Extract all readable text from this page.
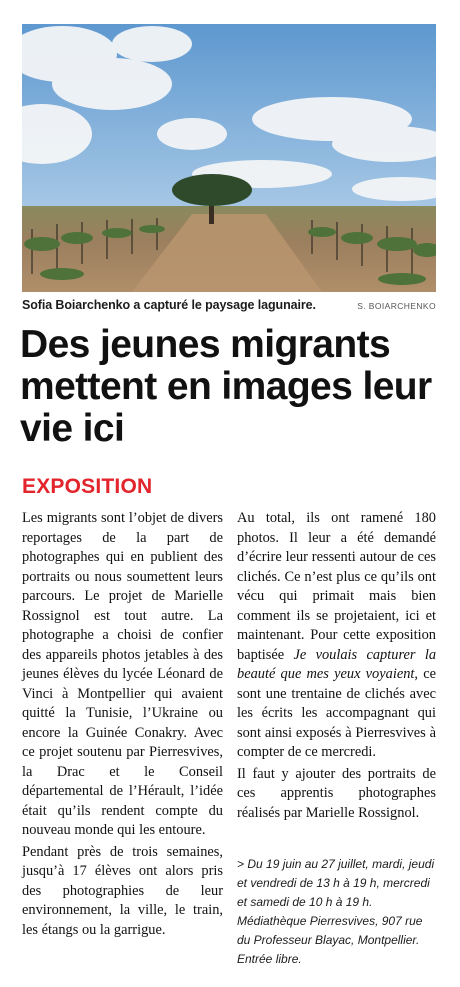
Sofia Boiarchenko a capturé le paysage lagunaire.	S. BOIARCHENKO
Des jeunes migrants mettent en images leur vie ici
EXPOSITION

Les migrants sont l’objet de divers reportages de la part de photographes qui en publient des portraits ou nous soumettent leurs parcours. Le projet de Marielle Rossignol est tout autre. La photographe a choisi de confier des appareils photos jetables à des jeunes élèves du lycée Léonard de Vinci à Montpellier qui avaient quitté la Tunisie, l’Ukraine ou encore la Guinée Conakry. Avec ce projet soutenu par Pierresvives, la Drac et le Conseil départemental de l’Hérault, l’idée était qu’ils rendent compte du nouveau monde qui les entoure.

Pendant près de trois semaines, jusqu’à 17 élèves ont alors pris des photographies de leur environnement, la ville, le train, les étangs ou la garrigue.

Au total, ils ont ramené 180 photos. Il leur a été demandé d’écrire leur ressenti autour de ces clichés. Ce n’est plus ce qu’ils ont vécu qui primait mais bien comment ils se projetaient, ici et maintenant. Pour cette exposition baptisée Je voulais capturer la beauté que mes yeux voyaient, ce sont une trentaine de clichés avec les écrits les accompagnant qui sont ainsi exposés à Pierresvives à compter de ce mercredi.

Il faut y ajouter des portraits de ces apprentis photographes réalisés par Marielle Rossignol.

> Du 19 juin au 27 juillet, mardi, jeudi et vendredi de 13 h à 19 h, mercredi et samedi de 10 h à 19 h. Médiathèque Pierresvives, 907 rue du Professeur Blayac, Montpellier. Entrée libre.
